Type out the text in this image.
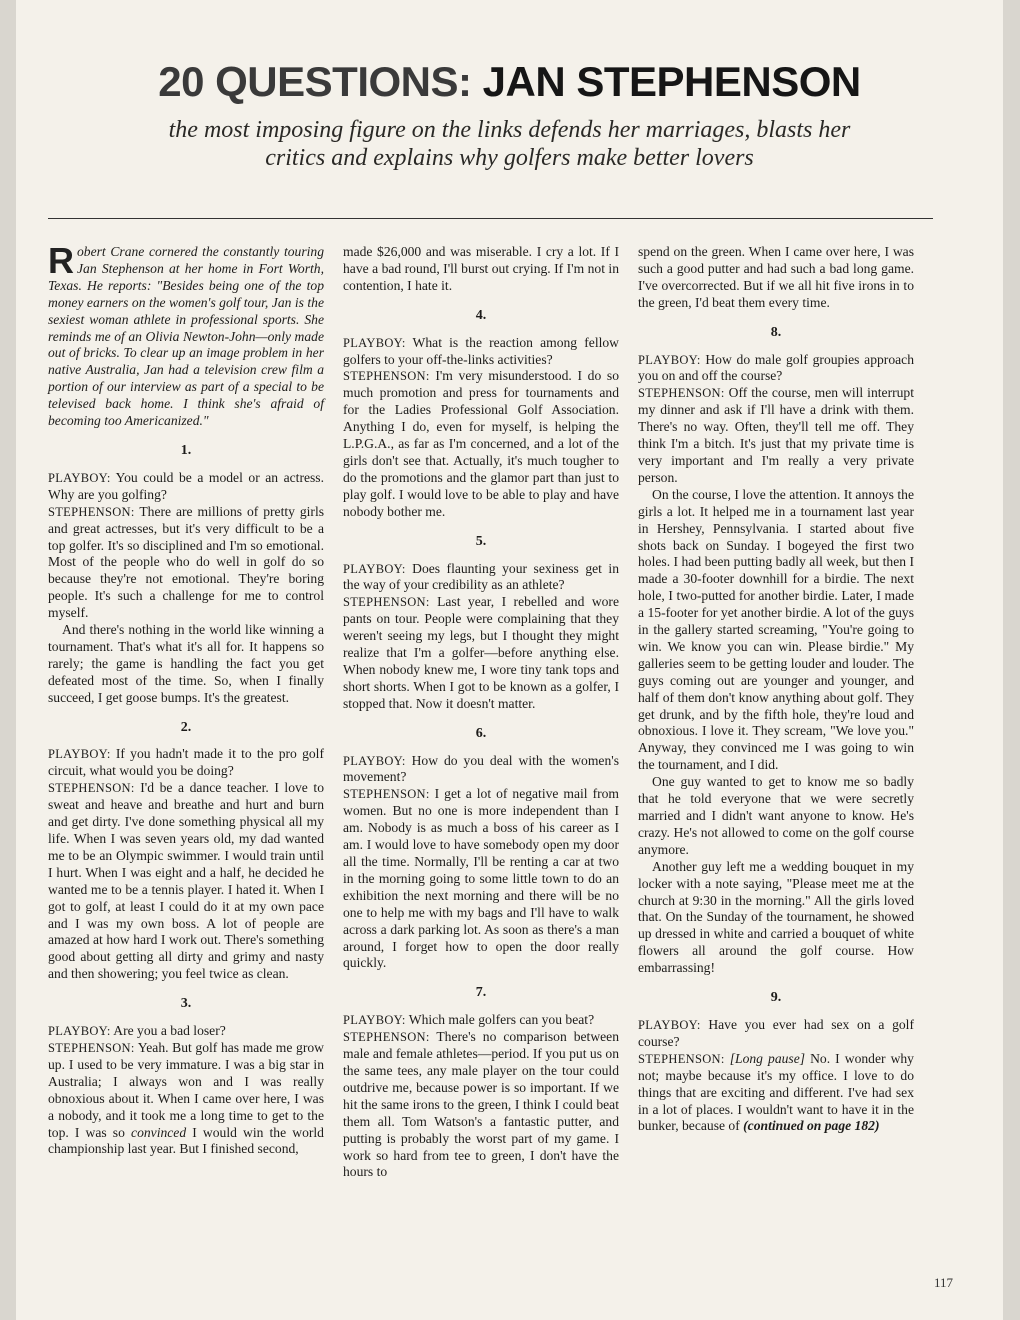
20 QUESTIONS: JAN STEPHENSON

the most imposing figure on the links defends her marriages, blasts her critics and explains why golfers make better lovers

Robert Crane cornered the constantly touring Jan Stephenson at her home in Fort Worth, Texas. He reports: "Besides being one of the top money earners on the women's golf tour, Jan is the sexiest woman athlete in professional sports. She reminds me of an Olivia Newton-John—only made out of bricks. To clear up an image problem in her native Australia, Jan had a television crew film a portion of our interview as part of a special to be televised back home. I think she's afraid of becoming too Americanized."

1.

PLAYBOY: You could be a model or an actress. Why are you golfing?

STEPHENSON: There are millions of pretty girls and great actresses, but it's very difficult to be a top golfer. It's so disciplined and I'm so emotional. Most of the people who do well in golf do so because they're not emotional. They're boring people. It's such a challenge for me to control myself.

And there's nothing in the world like winning a tournament. That's what it's all for. It happens so rarely; the game is handling the fact you get defeated most of the time. So, when I finally succeed, I get goose bumps. It's the greatest.

2.

PLAYBOY: If you hadn't made it to the pro golf circuit, what would you be doing?

STEPHENSON: I'd be a dance teacher. I love to sweat and heave and breathe and hurt and burn and get dirty. I've done something physical all my life. When I was seven years old, my dad wanted me to be an Olympic swimmer. I would train until I hurt. When I was eight and a half, he decided he wanted me to be a tennis player. I hated it. When I got to golf, at least I could do it at my own pace and I was my own boss. A lot of people are amazed at how hard I work out. There's something good about getting all dirty and grimy and nasty and then showering; you feel twice as clean.

3.

PLAYBOY: Are you a bad loser?

STEPHENSON: Yeah. But golf has made me grow up. I used to be very immature. I was a big star in Australia; I always won and I was really obnoxious about it. When I came over here, I was a nobody, and it took me a long time to get to the top. I was so convinced I would win the world championship last year. But I finished second,

made $26,000 and was miserable. I cry a lot. If I have a bad round, I'll burst out crying. If I'm not in contention, I hate it.

4.

PLAYBOY: What is the reaction among fellow golfers to your off-the-links activities?

STEPHENSON: I'm very misunderstood. I do so much promotion and press for tournaments and for the Ladies Professional Golf Association. Anything I do, even for myself, is helping the L.P.G.A., as far as I'm concerned, and a lot of the girls don't see that. Actually, it's much tougher to do the promotions and the glamor part than just to play golf. I would love to be able to play and have nobody bother me.

5.

PLAYBOY: Does flaunting your sexiness get in the way of your credibility as an athlete?

STEPHENSON: Last year, I rebelled and wore pants on tour. People were complaining that they weren't seeing my legs, but I thought they might realize that I'm a golfer—before anything else. When nobody knew me, I wore tiny tank tops and short shorts. When I got to be known as a golfer, I stopped that. Now it doesn't matter.

6.

PLAYBOY: How do you deal with the women's movement?

STEPHENSON: I get a lot of negative mail from women. But no one is more independent than I am. Nobody is as much a boss of his career as I am. I would love to have somebody open my door all the time. Normally, I'll be renting a car at two in the morning going to some little town to do an exhibition the next morning and there will be no one to help me with my bags and I'll have to walk across a dark parking lot. As soon as there's a man around, I forget how to open the door really quickly.

7.

PLAYBOY: Which male golfers can you beat?

STEPHENSON: There's no comparison between male and female athletes—period. If you put us on the same tees, any male player on the tour could outdrive me, because power is so important. If we hit the same irons to the green, I think I could beat them all. Tom Watson's a fantastic putter, and putting is probably the worst part of my game. I work so hard from tee to green, I don't have the hours to

spend on the green. When I came over here, I was such a good putter and had such a bad long game. I've overcorrected. But if we all hit five irons in to the green, I'd beat them every time.

8.

PLAYBOY: How do male golf groupies approach you on and off the course?

STEPHENSON: Off the course, men will interrupt my dinner and ask if I'll have a drink with them. There's no way. Often, they'll tell me off. They think I'm a bitch. It's just that my private time is very important and I'm really a very private person.

On the course, I love the attention. It annoys the girls a lot. It helped me in a tournament last year in Hershey, Pennsylvania. I started about five shots back on Sunday. I bogeyed the first two holes. I had been putting badly all week, but then I made a 30-footer downhill for a birdie. The next hole, I two-putted for another birdie. Later, I made a 15-footer for yet another birdie. A lot of the guys in the gallery started screaming, "You're going to win. We know you can win. Please birdie." My galleries seem to be getting louder and louder. The guys coming out are younger and younger, and half of them don't know anything about golf. They get drunk, and by the fifth hole, they're loud and obnoxious. I love it. They scream, "We love you." Anyway, they convinced me I was going to win the tournament, and I did.

One guy wanted to get to know me so badly that he told everyone that we were secretly married and I didn't want anyone to know. He's crazy. He's not allowed to come on the golf course anymore.

Another guy left me a wedding bouquet in my locker with a note saying, "Please meet me at the church at 9:30 in the morning." All the girls loved that. On the Sunday of the tournament, he showed up dressed in white and carried a bouquet of white flowers all around the golf course. How embarrassing!

9.

PLAYBOY: Have you ever had sex on a golf course?

STEPHENSON: [Long pause] No. I wonder why not; maybe because it's my office. I love to do things that are exciting and different. I've had sex in a lot of places. I wouldn't want to have it in the bunker, because of (continued on page 182)

117
